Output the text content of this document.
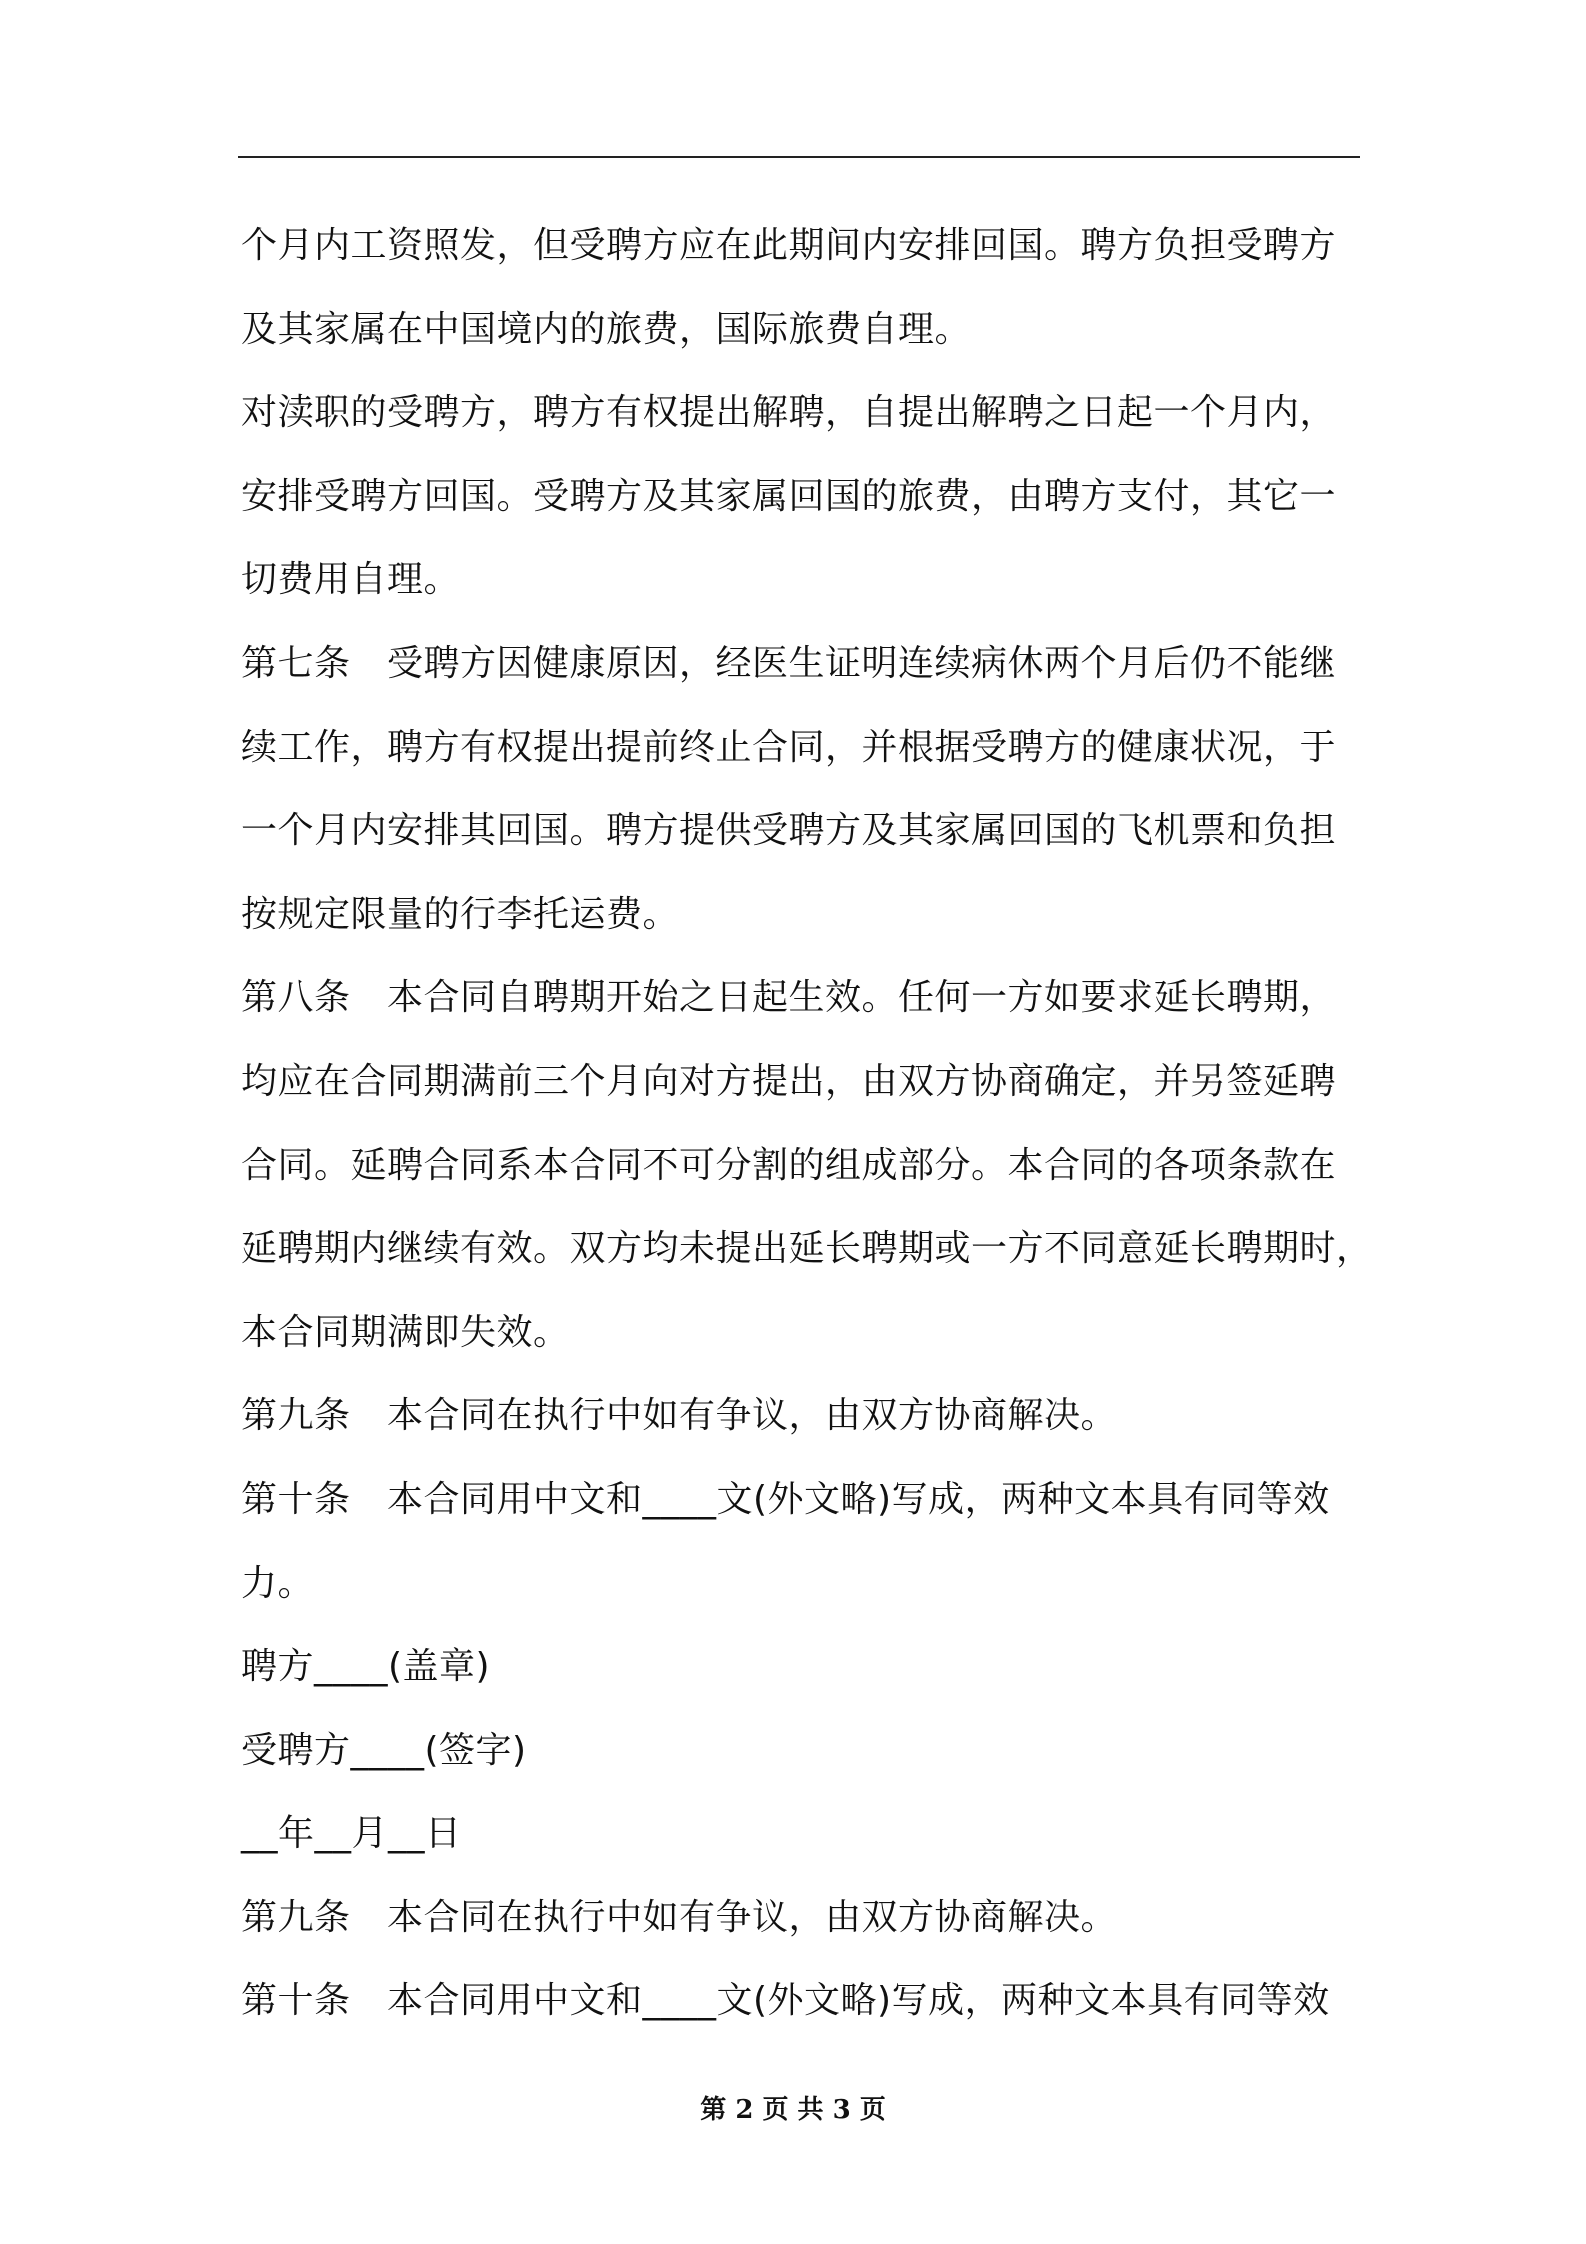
个月内工资照发，但受聘方应在此期间内安排回国。聘方负担受聘方
及其家属在中国境内的旅费，国际旅费自理。
对渎职的受聘方，聘方有权提出解聘，自提出解聘之日起一个月内，
安排受聘方回国。受聘方及其家属回国的旅费，由聘方支付，其它一
切费用自理。
第七条　受聘方因健康原因，经医生证明连续病休两个月后仍不能继
续工作，聘方有权提出提前终止合同，并根据受聘方的健康状况，于
一个月内安排其回国。聘方提供受聘方及其家属回国的飞机票和负担
按规定限量的行李托运费。
第八条　本合同自聘期开始之日起生效。任何一方如要求延长聘期，
均应在合同期满前三个月向对方提出，由双方协商确定，并另签延聘
合同。延聘合同系本合同不可分割的组成部分。本合同的各项条款在
延聘期内继续有效。双方均未提出延长聘期或一方不同意延长聘期时，
本合同期满即失效。
第九条　本合同在执行中如有争议，由双方协商解决。
第十条　本合同用中文和____文(外文略)写成，两种文本具有同等效
力。
聘方____(盖章)
受聘方____(签字)
__年__月__日
第九条　本合同在执行中如有争议，由双方协商解决。
第十条　本合同用中文和____文(外文略)写成，两种文本具有同等效
第 2 页 共 3 页
